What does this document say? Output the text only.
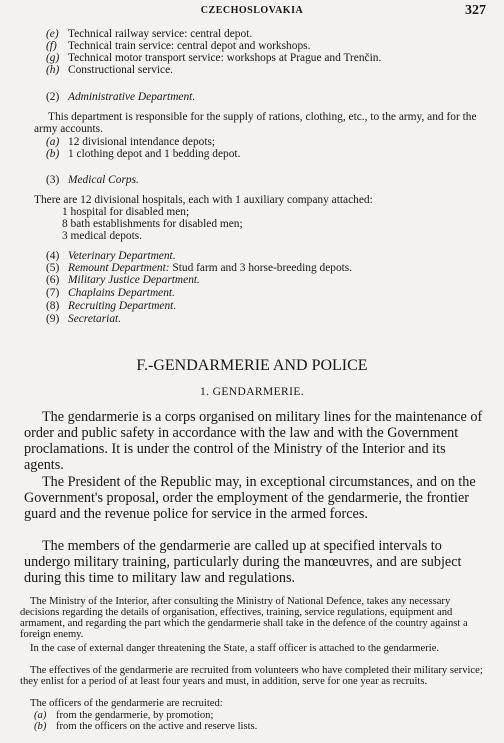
CZECHOSLOVAKIA	327
(e) Technical railway service: central depot.
(f) Technical train service: central depot and workshops.
(g) Technical motor transport service: workshops at Prague and Trenčin.
(h) Constructional service.
(2) Administrative Department.
This department is responsible for the supply of rations, clothing, etc., to the army, and for the army accounts.
(a) 12 divisional intendance depots;
(b) 1 clothing depot and 1 bedding depot.
(3) Medical Corps.
There are 12 divisional hospitals, each with 1 auxiliary company attached:
1 hospital for disabled men;
8 bath establishments for disabled men;
3 medical depots.
(4) Veterinary Department.
(5) Remount Department: Stud farm and 3 horse-breeding depots.
(6) Military Justice Department.
(7) Chaplains Department.
(8) Recruiting Department.
(9) Secretariat.
F.-GENDARMERIE AND POLICE
1. GENDARMERIE.
The gendarmerie is a corps organised on military lines for the maintenance of order and public safety in accordance with the law and with the Government proclamations. It is under the control of the Ministry of the Interior and its agents.
The President of the Republic may, in exceptional circumstances, and on the Government's proposal, order the employment of the gendarmerie, the frontier guard and the revenue police for service in the armed forces.
The members of the gendarmerie are called up at specified intervals to undergo military training, particularly during the manœuvres, and are subject during this time to military law and regulations.
The Ministry of the Interior, after consulting the Ministry of National Defence, takes any necessary decisions regarding the details of organisation, effectives, training, service regulations, equipment and armament, and regarding the part which the gendarmerie shall take in the defence of the country against a foreign enemy.
In the case of external danger threatening the State, a staff officer is attached to the gendarmerie.
The effectives of the gendarmerie are recruited from volunteers who have completed their military service; they enlist for a period of at least four years and must, in addition, serve for one year as recruits.
The officers of the gendarmerie are recruited:
(a) from the gendarmerie, by promotion;
(b) from the officers on the active and reserve lists.
